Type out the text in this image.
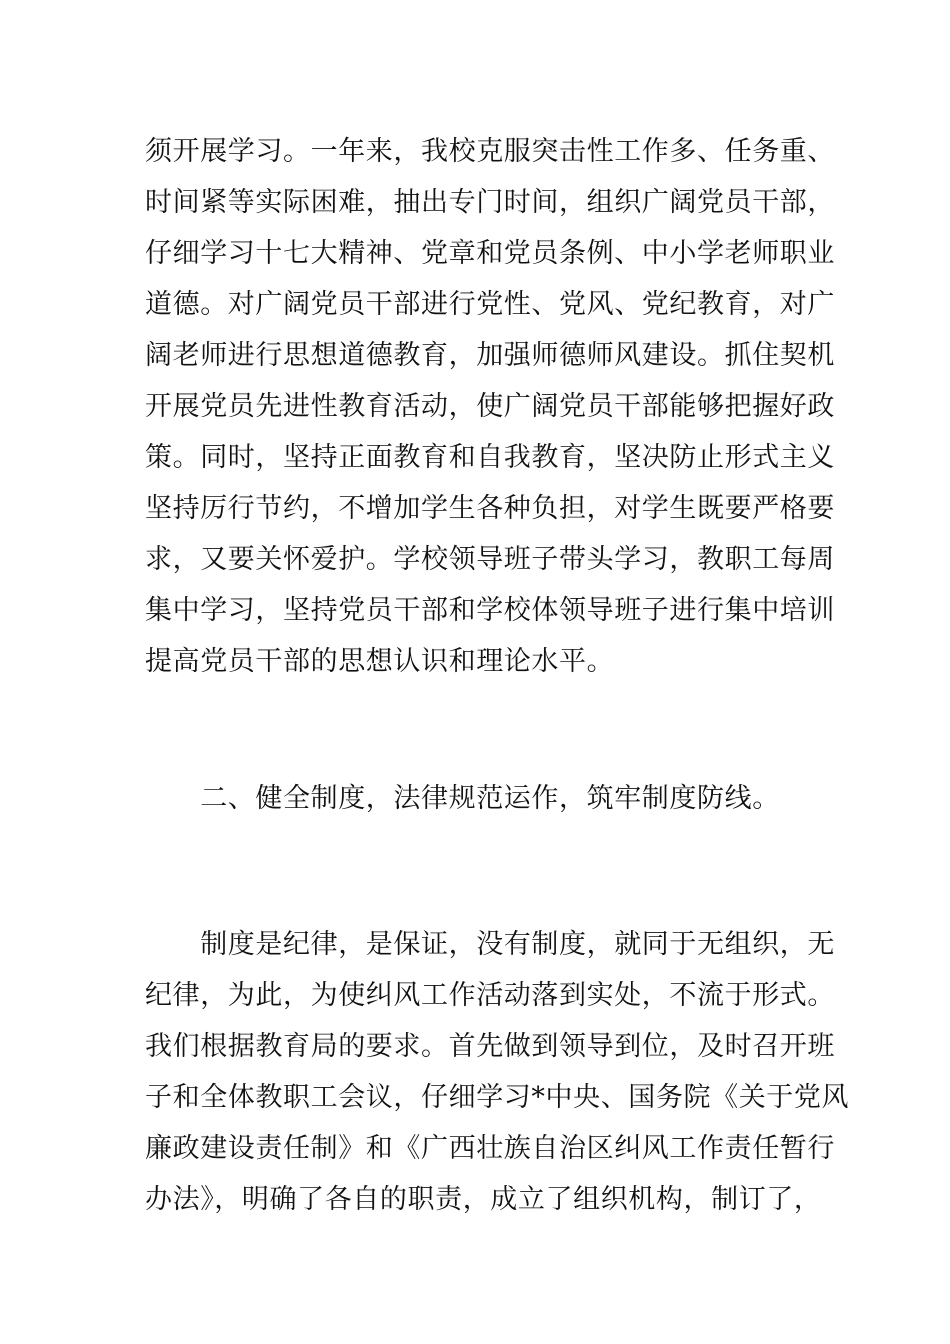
须开展学习。一年来，我校克服突击性工作多、任务重、
时间紧等实际困难，抽出专门时间，组织广阔党员干部，
仔细学习十七大精神、党章和党员条例、中小学老师职业
道德。对广阔党员干部进行党性、党风、党纪教育，对广
阔老师进行思想道德教育，加强师德师风建设。抓住契机
开展党员先进性教育活动，使广阔党员干部能够把握好政
策。同时，坚持正面教育和自我教育，坚决防止形式主义
坚持厉行节约，不增加学生各种负担，对学生既要严格要
求，又要关怀爱护。学校领导班子带头学习，教职工每周
集中学习，坚持党员干部和学校体领导班子进行集中培训
提高党员干部的思想认识和理论水平。
　　二、健全制度，法律规范运作，筑牢制度防线。
　　制度是纪律，是保证，没有制度，就同于无组织，无
纪律，为此，为使纠风工作活动落到实处，不流于形式。
我们根据教育局的要求。首先做到领导到位，及时召开班
子和全体教职工会议，仔细学习*中央、国务院《关于党风
廉政建设责任制》和《广西壮族自治区纠风工作责任暂行
办法》，明确了各自的职责，成立了组织机构，制订了，
